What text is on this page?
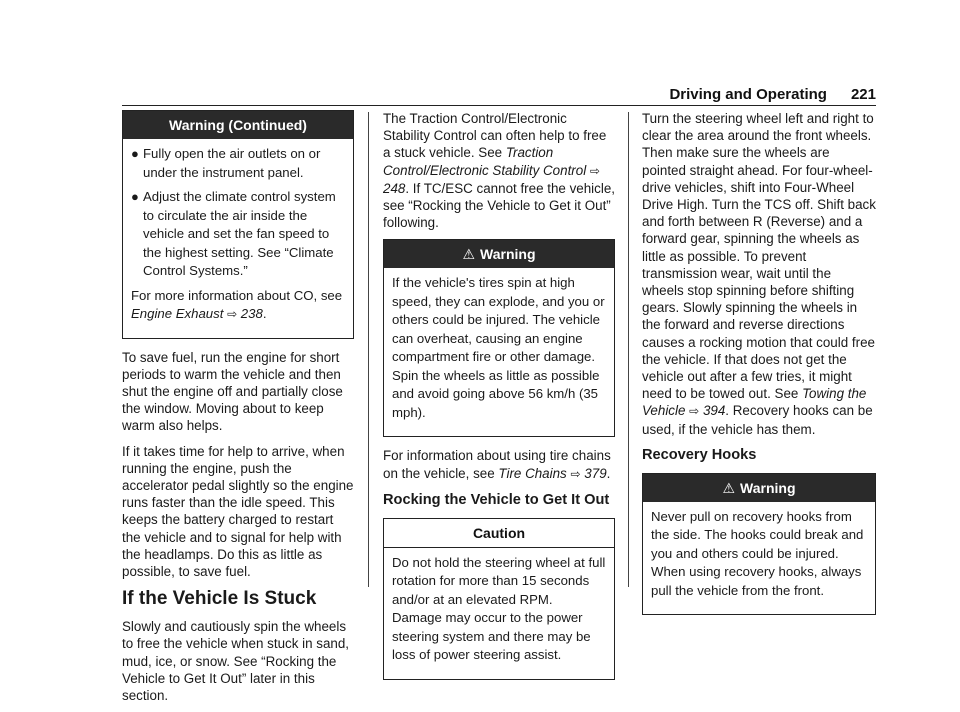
Driving and Operating 221
Warning (Continued)
● Fully open the air outlets on or under the instrument panel.
● Adjust the climate control system to circulate the air inside the vehicle and set the fan speed to the highest setting. See “Climate Control Systems.”

For more information about CO, see Engine Exhaust ⇨ 238.

To save fuel, run the engine for short periods to warm the vehicle and then shut the engine off and partially close the window. Moving about to keep warm also helps.

If it takes time for help to arrive, when running the engine, push the accelerator pedal slightly so the engine runs faster than the idle speed. This keeps the battery charged to restart the vehicle and to signal for help with the headlamps. Do this as little as possible, to save fuel.

If the Vehicle Is Stuck

Slowly and cautiously spin the wheels to free the vehicle when stuck in sand, mud, ice, or snow. See “Rocking the Vehicle to Get It Out” later in this section.

The Traction Control/Electronic Stability Control can often help to free a stuck vehicle. See Traction Control/Electronic Stability Control ⇨ 248. If TC/ESC cannot free the vehicle, see “Rocking the Vehicle to Get it Out” following.

⚠ Warning

If the vehicle's tires spin at high speed, they can explode, and you or others could be injured. The vehicle can overheat, causing an engine compartment fire or other damage. Spin the wheels as little as possible and avoid going above 56 km/h (35 mph).

For information about using tire chains on the vehicle, see Tire Chains ⇨ 379.

Rocking the Vehicle to Get It Out
Caution

Do not hold the steering wheel at full rotation for more than 15 seconds and/or at an elevated RPM. Damage may occur to the power steering system and there may be loss of power steering assist.

Turn the steering wheel left and right to clear the area around the front wheels. Then make sure the wheels are pointed straight ahead. For four-wheel-drive vehicles, shift into Four-Wheel Drive High. Turn the TCS off. Shift back and forth between R (Reverse) and a forward gear, spinning the wheels as little as possible. To prevent transmission wear, wait until the wheels stop spinning before shifting gears. Slowly spinning the wheels in the forward and reverse directions causes a rocking motion that could free the vehicle. If that does not get the vehicle out after a few tries, it might need to be towed out. See Towing the Vehicle ⇨ 394. Recovery hooks can be used, if the vehicle has them.

Recovery Hooks
⚠ Warning

Never pull on recovery hooks from the side. The hooks could break and you and others could be injured. When using recovery hooks, always pull the vehicle from the front.
